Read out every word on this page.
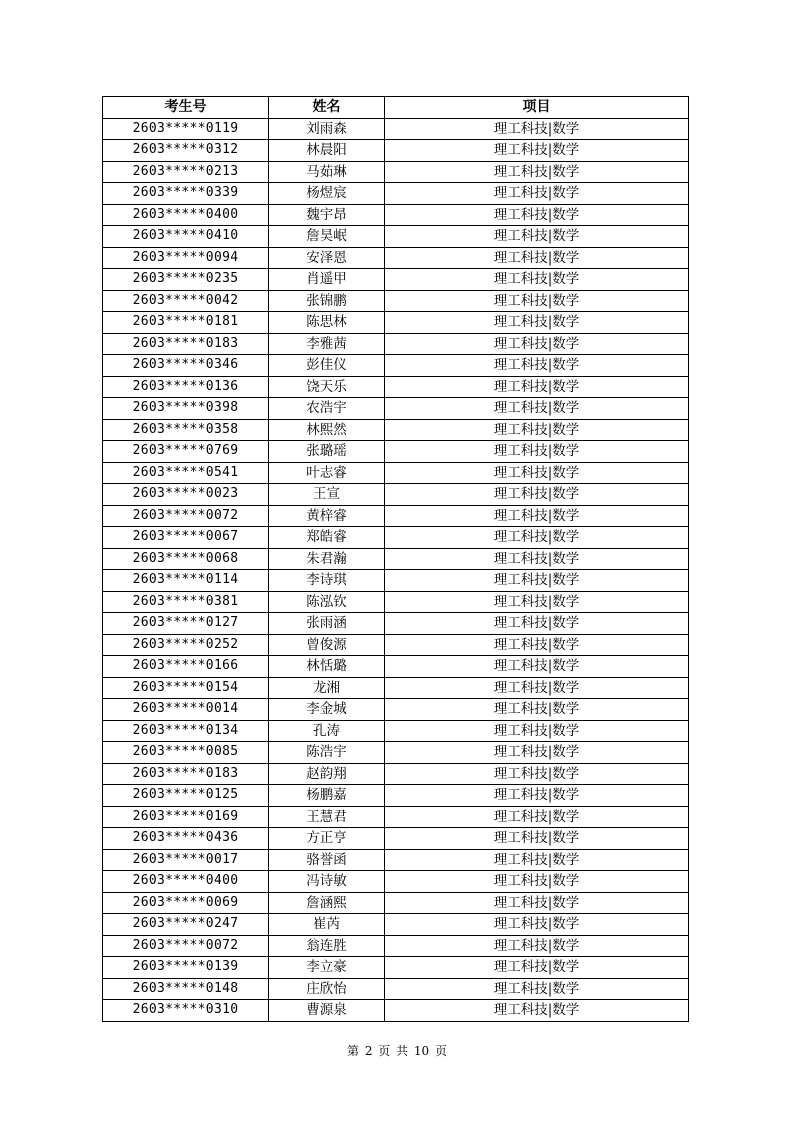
考生号	姓名	项目
2603*****0119	刘雨森	理工科技|数学
2603*****0312	林晨阳	理工科技|数学
2603*****0213	马茹琳	理工科技|数学
2603*****0339	杨煜宸	理工科技|数学
2603*****0400	魏宇昂	理工科技|数学
2603*****0410	詹昊岷	理工科技|数学
2603*****0094	安泽恩	理工科技|数学
2603*****0235	肖遥甲	理工科技|数学
2603*****0042	张锦鹏	理工科技|数学
2603*****0181	陈思林	理工科技|数学
2603*****0183	李雅茜	理工科技|数学
2603*****0346	彭佳仪	理工科技|数学
2603*****0136	饶天乐	理工科技|数学
2603*****0398	农浩宇	理工科技|数学
2603*****0358	林熙然	理工科技|数学
2603*****0769	张璐瑶	理工科技|数学
2603*****0541	叶志睿	理工科技|数学
2603*****0023	王宣	理工科技|数学
2603*****0072	黄梓睿	理工科技|数学
2603*****0067	郑皓睿	理工科技|数学
2603*****0068	朱君瀚	理工科技|数学
2603*****0114	李诗琪	理工科技|数学
2603*****0381	陈泓钦	理工科技|数学
2603*****0127	张雨涵	理工科技|数学
2603*****0252	曾俊源	理工科技|数学
2603*****0166	林恬璐	理工科技|数学
2603*****0154	龙湘	理工科技|数学
2603*****0014	李金城	理工科技|数学
2603*****0134	孔涛	理工科技|数学
2603*****0085	陈浩宇	理工科技|数学
2603*****0183	赵韵翔	理工科技|数学
2603*****0125	杨鹏嘉	理工科技|数学
2603*****0169	王慧君	理工科技|数学
2603*****0436	方正亨	理工科技|数学
2603*****0017	骆誉函	理工科技|数学
2603*****0400	冯诗敏	理工科技|数学
2603*****0069	詹涵熙	理工科技|数学
2603*****0247	崔芮	理工科技|数学
2603*****0072	翁连胜	理工科技|数学
2603*****0139	李立豪	理工科技|数学
2603*****0148	庄欣怡	理工科技|数学
2603*****0310	曹源泉	理工科技|数学
第 2 页 共 10 页
